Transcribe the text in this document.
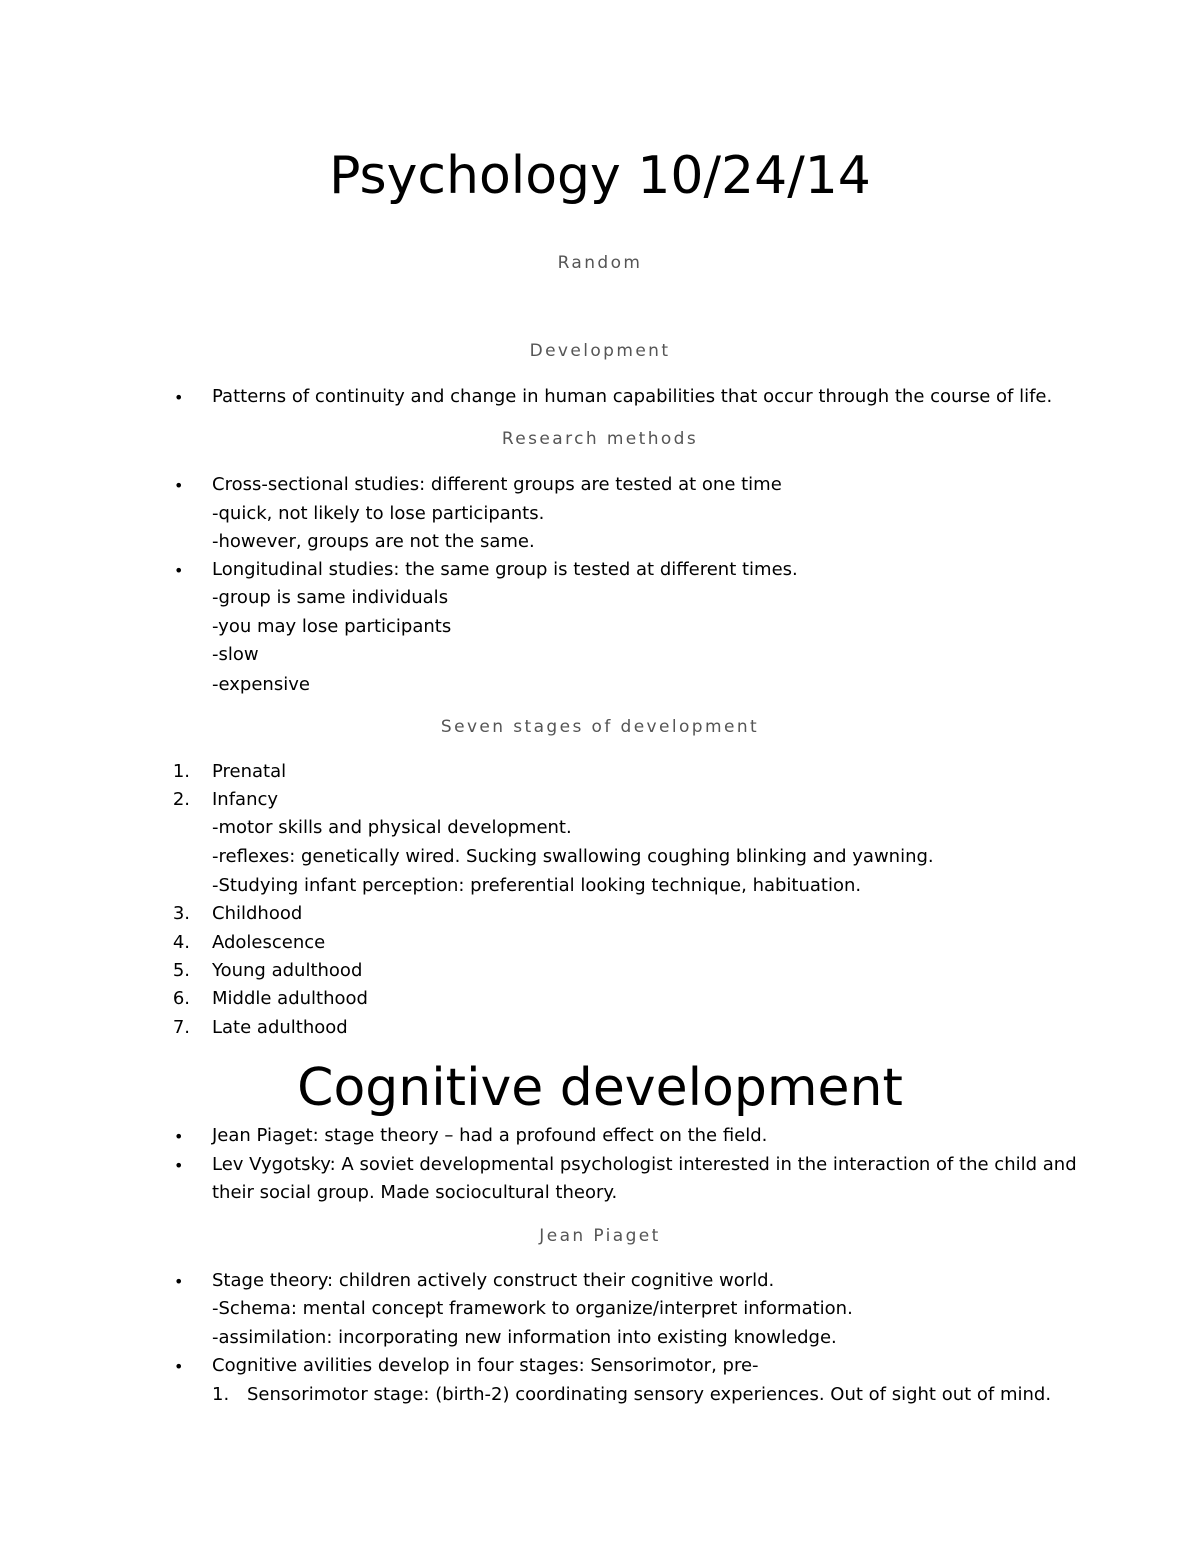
Psychology 10/24/14
Random
Development
• Patterns of continuity and change in human capabilities that occur through the course of life.
Research methods
• Cross-sectional studies: different groups are tested at one time
-quick, not likely to lose participants.
-however, groups are not the same.
• Longitudinal studies: the same group is tested at different times.
-group is same individuals
-you may lose participants
-slow
-expensive
Seven stages of development
1. Prenatal
2. Infancy
-motor skills and physical development.
-reflexes: genetically wired. Sucking swallowing coughing blinking and yawning.
-Studying infant perception: preferential looking technique, habituation.
3. Childhood
4. Adolescence
5. Young adulthood
6. Middle adulthood
7. Late adulthood
Cognitive development
• Jean Piaget: stage theory – had a profound effect on the field.
• Lev Vygotsky: A soviet developmental psychologist interested in the interaction of the child and
their social group. Made sociocultural theory.
Jean Piaget
• Stage theory: children actively construct their cognitive world.
-Schema: mental concept framework to organize/interpret information.
-assimilation: incorporating new information into existing knowledge.
• Cognitive avilities develop in four stages: Sensorimotor, pre-
1. Sensorimotor stage: (birth-2) coordinating sensory experiences. Out of sight out of mind.
